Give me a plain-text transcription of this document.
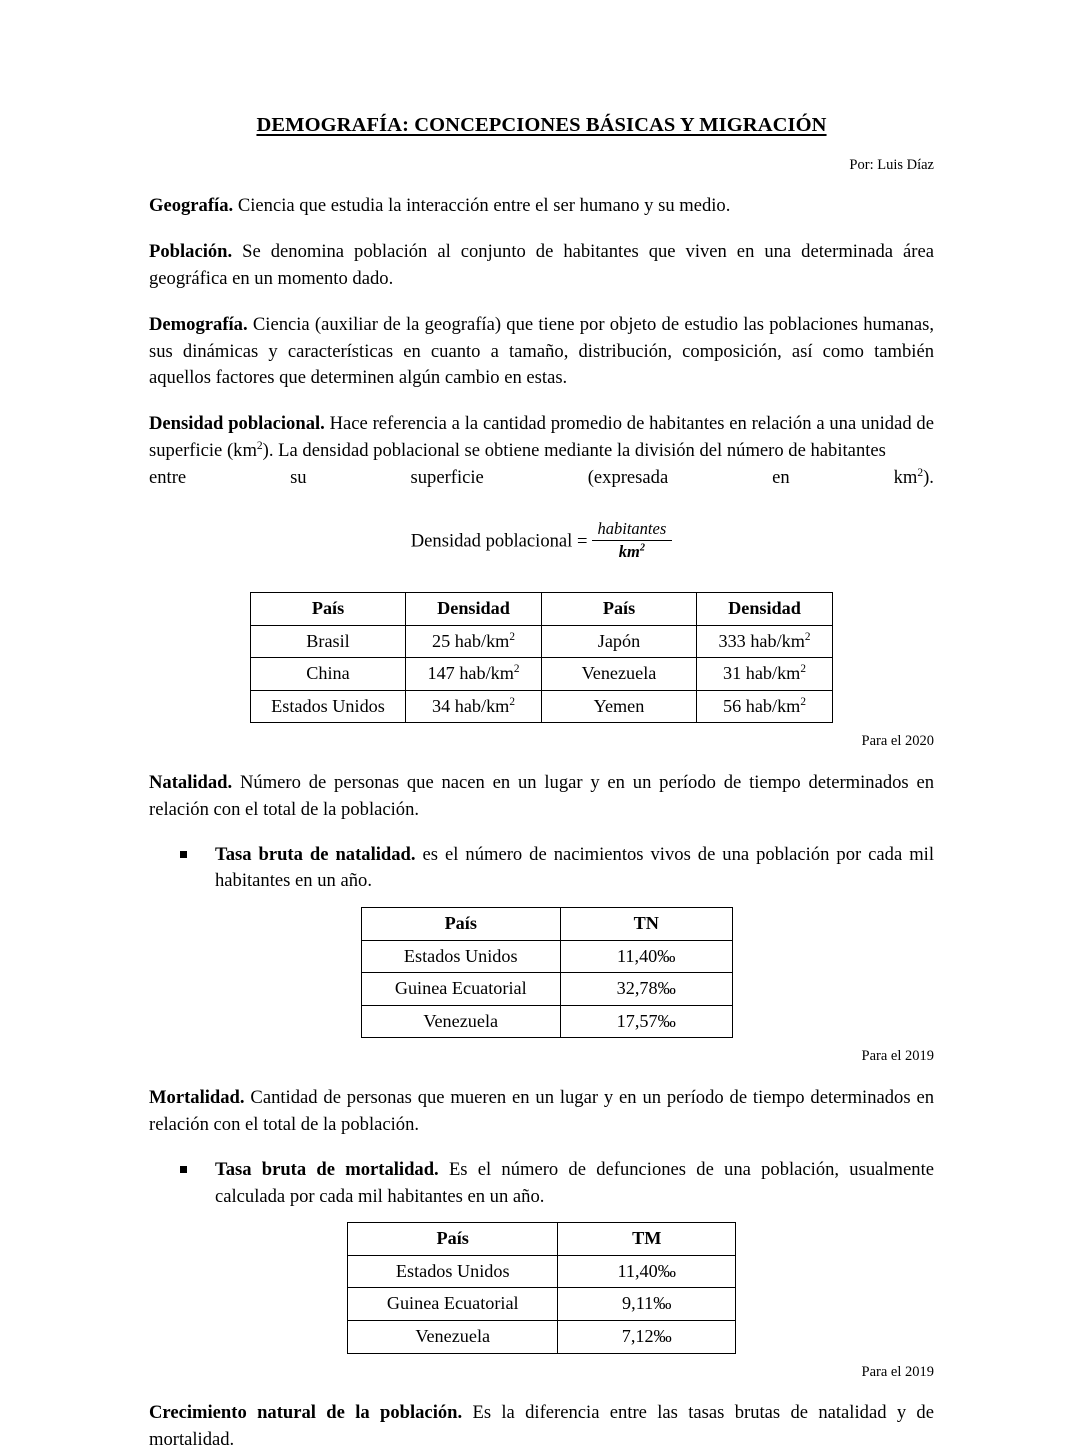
DEMOGRAFÍA: CONCEPCIONES BÁSICAS Y MIGRACIÓN
Por: Luis Díaz

Geografía. Ciencia que estudia la interacción entre el ser humano y su medio.

Población. Se denomina población al conjunto de habitantes que viven en una determinada área geográfica en un momento dado.

Demografía. Ciencia (auxiliar de la geografía) que tiene por objeto de estudio las poblaciones humanas, sus dinámicas y características en cuanto a tamaño, distribución, composición, así como también aquellos factores que determinen algún cambio en estas.

Densidad poblacional. Hace referencia a la cantidad promedio de habitantes en relación a una unidad de superficie $(km^2)$. La densidad poblacional se obtiene mediante la división del número de habitantes

entre	su	superficie	(expresada	en	$km^2$).
Densidad poblacional = $\frac{\text{habitantes}}{km^2}$
País	Densidad	País	Densidad
Brasil	25 hab/$km^2$	Japón	333 hab/$km^2$
China	147 hab/$km^2$	Venezuela	31 hab/$km^2$
Estados Unidos	34 hab/$km^2$	Yemen	56 hab/$km^2$
Para el 2020

Natalidad. Número de personas que nacen en un lugar y en un período de tiempo determinados en relación con el total de la población.

Tasa bruta de natalidad. es el número de nacimientos vivos de una población por cada mil habitantes en un año.
País	TN
Estados Unidos	11,40‰
Guinea Ecuatorial	32,78‰
Venezuela	17,57‰
Para el 2019

Mortalidad. Cantidad de personas que mueren en un lugar y en un período de tiempo determinados en relación con el total de la población.

Tasa bruta de mortalidad. Es el número de defunciones de una población, usualmente calculada por cada mil habitantes en un año.
País	TM
Estados Unidos	11,40‰
Guinea Ecuatorial	9,11‰
Venezuela	7,12‰
Para el 2019

Crecimiento natural de la población. Es la diferencia entre las tasas brutas de natalidad y de mortalidad.
